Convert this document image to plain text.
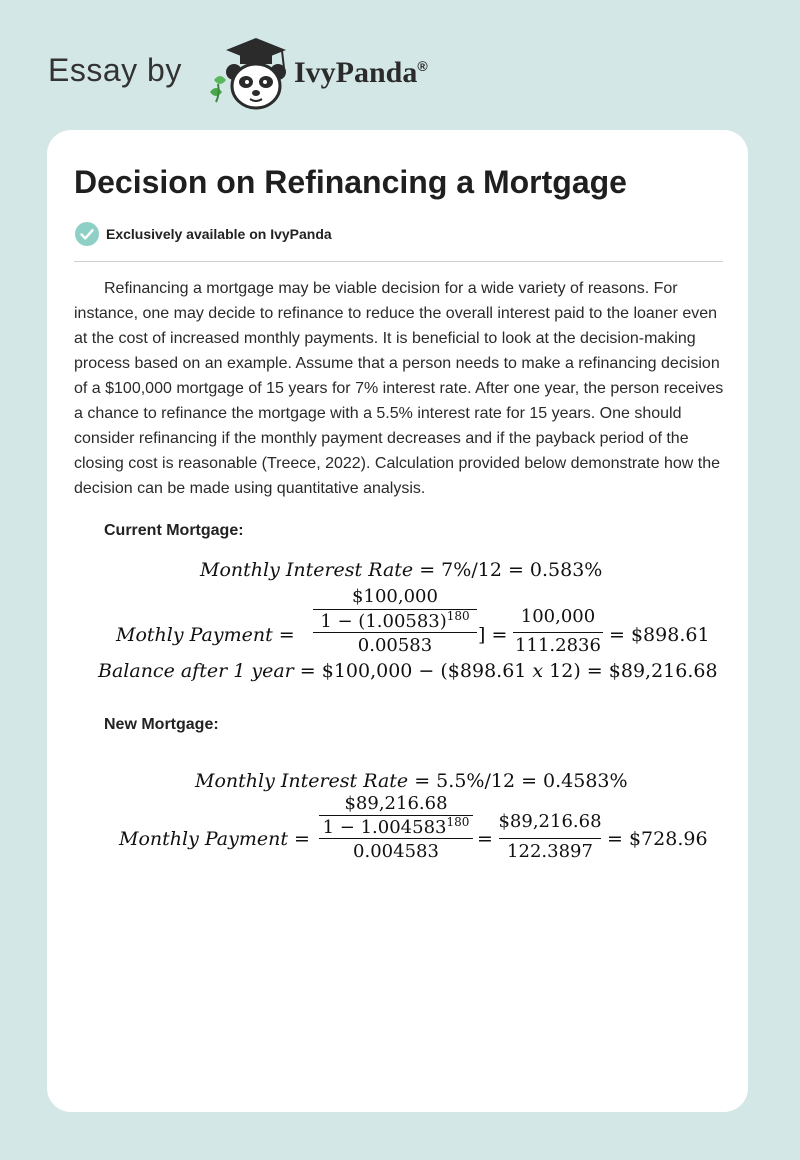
Essay by	IvyPanda®
Decision on Refinancing a Mortgage
Exclusively available on IvyPanda

Refinancing a mortgage may be viable decision for a wide variety of reasons. For instance, one may decide to refinance to reduce the overall interest paid to the loaner even at the cost of increased monthly payments. It is beneficial to look at the decision-making process based on an example. Assume that a person needs to make a refinancing decision of a $100,000 mortgage of 15 years for 7% interest rate. After one year, the person receives a chance to refinance the mortgage with a 5.5% interest rate for 15 years. One should consider refinancing if the monthly payment decreases and if the payback period of the closing cost is reasonable (Treece, 2022). Calculation provided below demonstrate how the decision can be made using quantitative analysis.

Current Mortgage:
Monthly Interest Rate = 7%/12 = 0.583%
Mothly Payment =
$100,000
$1 - (1.00583)^{180}$
0.00583	] =
100,000
111.2836 = $898.61
Balance after 1 year = $100,000 − ($898.61 x 12) = $89,216.68
New Mortgage:
Monthly Interest Rate = 5.5%/12 = 0.4583%
Monthly Payment =
$89,216.68
$1 - 1.004583^{180}$
0.004583
=
$89,216.68
122.3897
= $728.96
